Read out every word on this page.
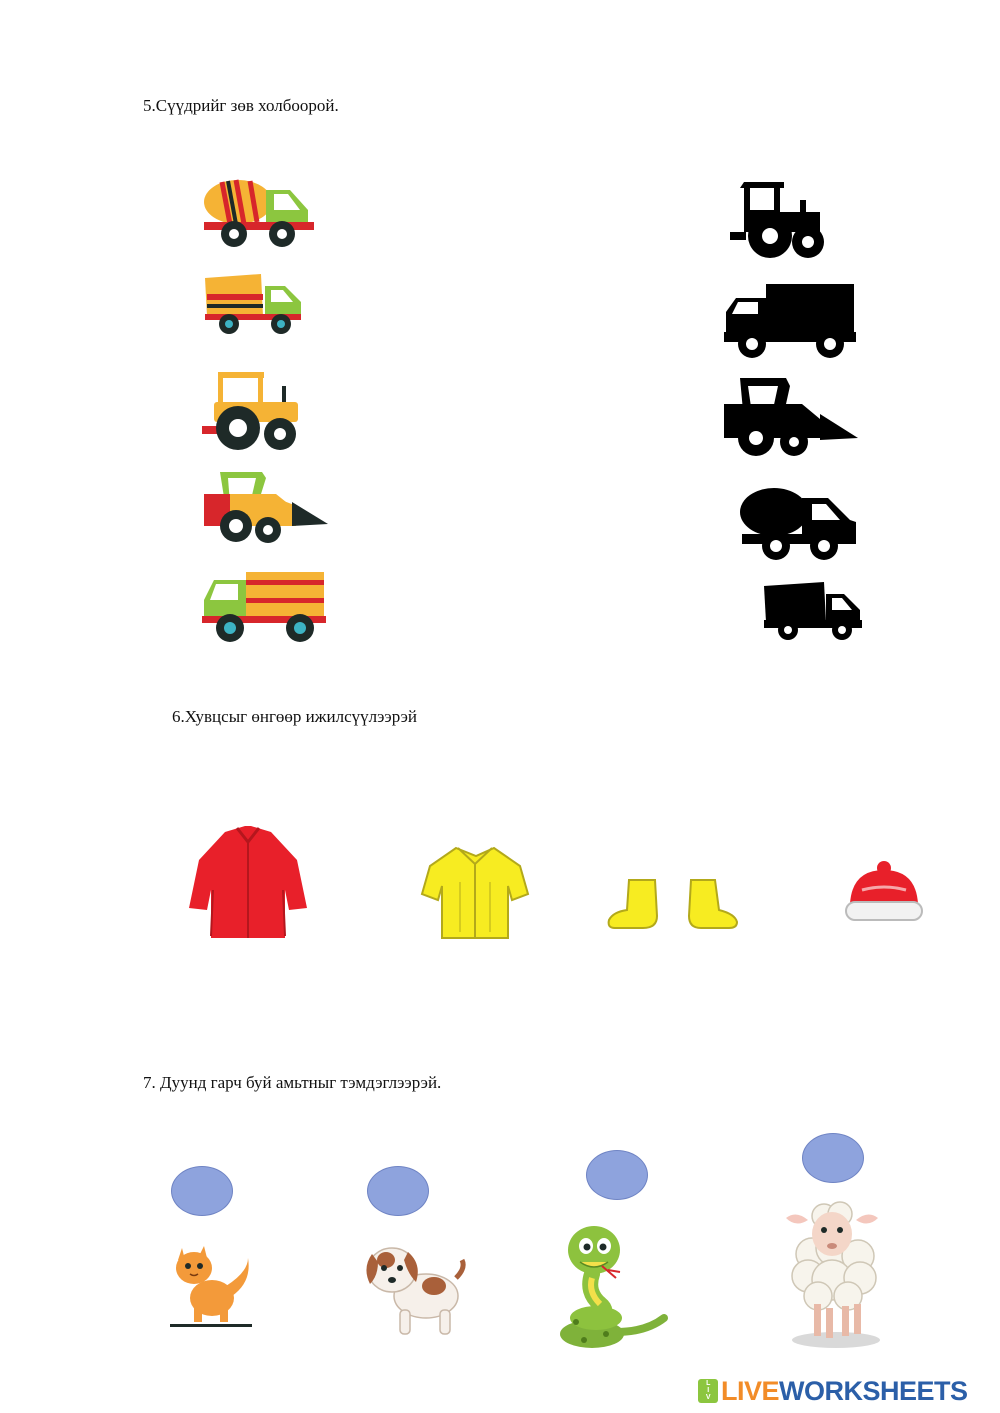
5.Сүүдрийг зөв холбоорой.
6.Хувцсыг өнгөөр ижилсүүлээрэй
7. Дуунд гарч буй амьтныг тэмдэглээрэй.
L
I
V LIVEWORKSHEETS
